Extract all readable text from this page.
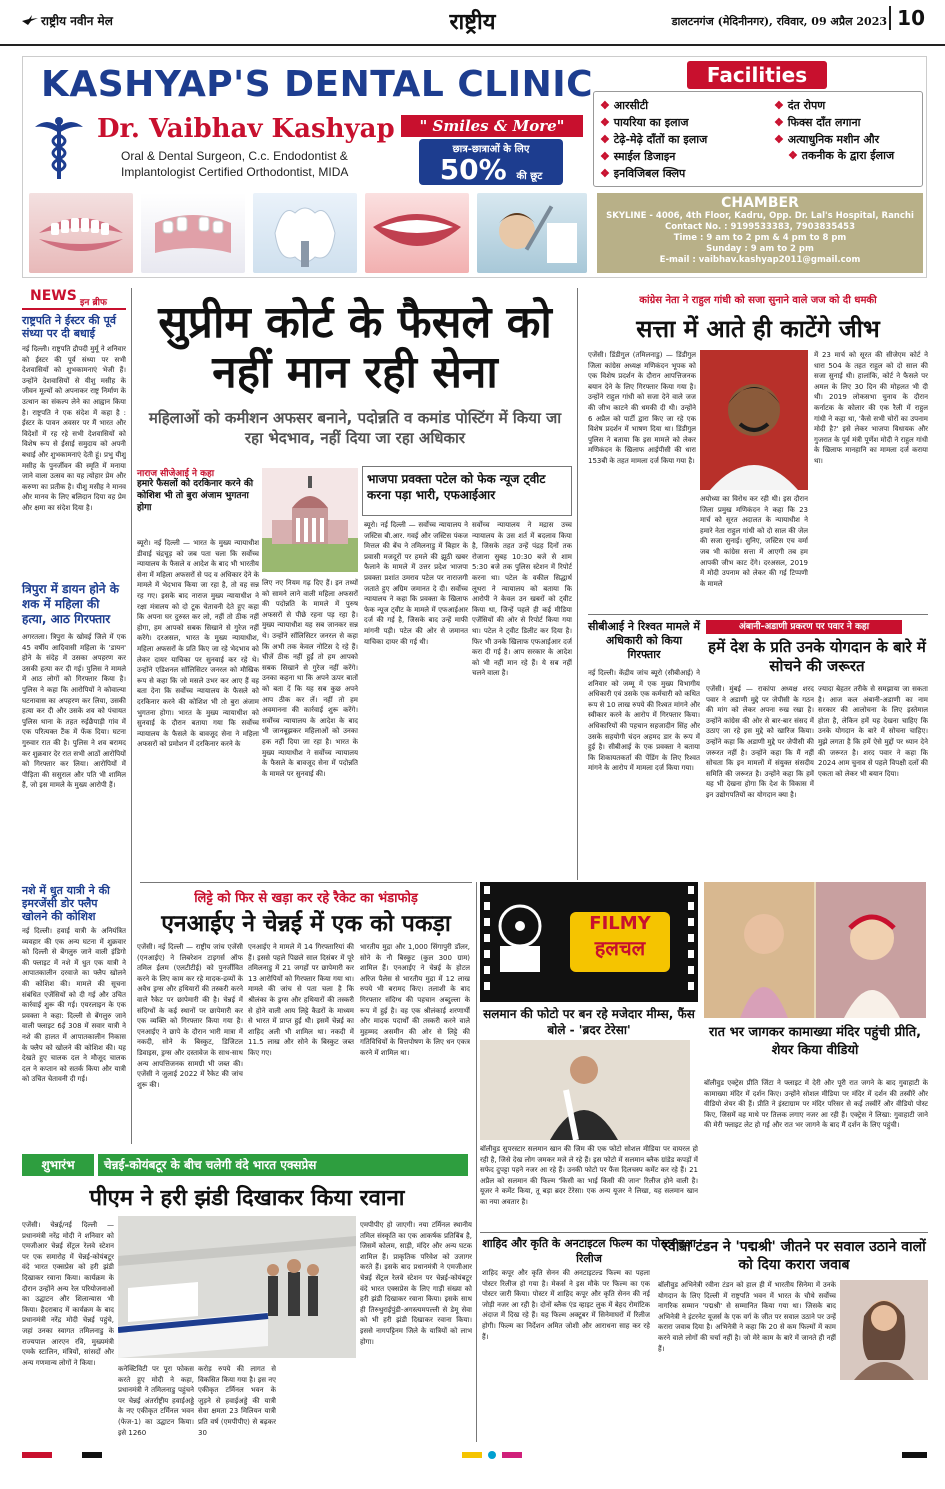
राष्ट्रीय नवीन मेल	राष्ट्रीय	डालटनगंज (मेदिनीनगर), रविवार, 09 अप्रैल 2023 10
KASHYAP'S DENTAL CLINIC
Dr. Vaibhav Kashyap
Oral & Dental Surgeon, C.c. Endodontist &
Implantologist Certified Orthodontist, MIDA
" Smiles & More"
छात्र-छात्राओं के लिए
50% की छूट
Facilities
❖ आरसीटी
❖ पायरिया का इलाज
❖ टेढ़े-मेढ़े दाँतों का इलाज
❖ स्माईल डिजाइन
❖ इनविजिबल क्लिप
❖ दंत रोपण
❖ फिक्स दाँत लगाना
❖ अत्याधुनिक मशीन और
❖ तकनीक के द्वारा ईलाज
CHAMBER
SKYLINE - 4006, 4th Floor, Kadru, Opp. Dr. Lal's Hospital, Ranchi
Contact No. : 9199533383, 7903835453
Time : 9 am to 2 pm & 4 pm to 8 pm
Sunday : 9 am to 2 pm
E-mail : vaibhav.kashyap2011@gmail.com
NEWS इन ब्रीफ
राष्ट्रपति ने ईस्टर की पूर्व संध्या पर दी बधाई
नई दिल्ली। राष्ट्रपति द्रौपदी मुर्मू ने शनिवार को ईस्टर की पूर्व संध्या पर सभी देशवासियों को शुभकामनाएं भेजी हैं। उन्होंने देशवासियों से यीशु मसीह के जीवन मूल्यों को अपनाकर राष्ट्र निर्माण के उत्थान का संकल्प लेने का आह्वान किया है। राष्ट्रपति ने एक संदेश में कहा है : ईस्टर के पावन अवसर पर मैं भारत और विदेशों में रह रहे सभी देशवासियों को विशेष रूप से ईसाई समुदाय को अपनी बधाई और शुभकामनाएं देती हूं। प्रभु यीशु मसीह के पुनर्जीवन की स्मृति में मनाया जाने वाला उत्सव का यह त्योहार प्रेम और करुणा का प्रतीक है। यीशु मसीह ने मानव और मानव के लिए बलिदान दिया वह प्रेम और क्षमा का संदेश दिया है।
त्रिपुरा में डायन होने के शक में महिला की हत्या, आठ गिरफ्तार
अगरतला। त्रिपुरा के खोवई जिले में एक 45 वर्षीय आदिवासी महिला के 'डायन' होने के संदेह में उसका अपहरण कर उसकी हत्या कर दी गई। पुलिस ने मामले में आठ लोगों को गिरफ्तार किया है। पुलिस ने कहा कि आरोपियों ने कोवाल्या घटनावास का अपहरण कर लिया, उसकी हत्या कर दी और उसके शव को पंचायत पुलिस थाना के तहत रुईछैपाड़ी गांव में एक परित्यक्त टैंक में फेंक दिया। घटना गुरुवार रात की है। पुलिस ने शव बरामद कर शुक्रवार देर रात सभी आठों आरोपियों को गिरफ्तार कर लिया। आरोपियों में पीड़िता की ससुराल और पति भी शामिल हैं, जो इस मामले के मुख्य आरोपी हैं।
नशे में धुत यात्री ने की इमरजेंसी डोर फ्लैप खोलने की कोशिश
नई दिल्ली। हवाई यात्री के अनियंत्रित व्यवहार की एक अन्य घटना में शुक्रवार को दिल्ली से बेंगलुरु जाने वाली इंडिगो की फ्लाइट में नशे में धुत एक यात्री ने आपातकालीन दरवाजे का फ्लैप खोलने की कोशिश की। मामले की सूचना संबंधित एजेंसियों को दी गई और उचित कार्रवाई शुरू की गई। एयरलाइन के एक प्रवक्ता ने कहा: दिल्ली से बेंगलुरु जाने वाली फ्लाइट 6ई 308 में सवार यात्री ने नशे की हालत में आपातकालीन निकास के फ्लैप को खोलने की कोशिश की। यह देखते हुए चालक दल ने मौजूद चालक दल ने कप्तान को सतर्क किया और यात्री को उचित चेतावनी दी गई।
सुप्रीम कोर्ट के फैसले को नहीं मान रही सेना
महिलाओं को कमीशन अफसर बनाने, पदोन्नति व कमांड पोस्टिंग में किया जा रहा भेदभाव, नहीं दिया जा रहा अधिकार
नाराज सीजेआई ने कहा
हमारे फैसलों को दरकिनार करने की कोशिश भी तो बुरा अंजाम भुगतना होगा
ब्यूरो। नई दिल्ली — भारत के मुख्य न्यायाधीश डीवाई चंद्रचूड़ को जब पता चला कि सर्वोच्च न्यायालय के फैसले व आदेश के बाद भी भारतीय सेना में महिला अफसरों से पद व अधिकार देने के मामले में भेदभाव किया जा रहा है, तो वह सन्न रह गए। इसके बाद नाराज मुख्य न्यायाधीश ने रक्षा मंत्रालय को दो टूक चेतावनी देते हुए कहा कि अपना घर दुरुस्त कर लो, नहीं तो ठीक नहीं होगा, हम आपको सबक सिखाने से गुरेज नहीं करेंगे। दरअसल, भारत के मुख्य न्यायाधीश, महिला अफसरों के प्रति किए जा रहे भेदभाव को लेकर दायर याचिका पर सुनवाई कर रहे थे। उन्होंने एडिशनल सॉलिसिटर जनरल को मौखिक रूप से कहा कि जो मसले उभर कर आए हैं वह बता देना कि सर्वोच्च न्यायालय के फैसले को दरकिनार करने की कोशिश भी तो बुरा अंजाम भुगतना होगा। भारत के मुख्य न्यायाधीश को सुनवाई के दौरान बताया गया कि सर्वोच्च न्यायालय के फैसले के बावजूद सेना ने महिला अफसरों को प्रमोशन में दरकिनार करने के
लिए नए नियम गढ़ दिए हैं। इन तथ्यों को सामने लाने वाली महिला अफसरों की पदोन्नति के मामले में पुरुष अफसरों से पीछे रहना पड़ रहा है। मुख्य न्यायाधीश यह सब जानकर सन्न थे। उन्होंने सॉलिसिटर जनरल से कहा कि अभी तक केवल नोटिस दे रहे हैं। चीजें ठीक नहीं हुईं तो हम आपको सबक सिखाने से गुरेज नहीं करेंगे। उनका कहना था कि अपने ऊपर बातों को बता दें कि यह सब कुछ अपने आप ठीक कर लें। नहीं तो हम अवमानना की कार्रवाई शुरू करेंगे। सर्वोच्च न्यायालय के आदेश के बाद भी जानबूझकर महिलाओं को उनका हक नहीं दिया जा रहा है। भारत के मुख्य न्यायाधीश ने सर्वोच्च न्यायालय के फैसले के बावजूद सेना में पदोन्नति के मामले पर सुनवाई की।
भाजपा प्रवक्ता पटेल को फेक न्यूज ट्वीट करना पड़ा भारी, एफआईआर
ब्यूरो। नई दिल्ली — सर्वोच्च न्यायालय ने जस्टिस बी.आर. गवई और जस्टिस पंकज मित्तल की बेंच ने तमिलनाडु में बिहार के प्रवासी मजदूरों पर हमले की झूठी खबर फैलाने के मामले में उत्तर प्रदेश भाजपा प्रवक्ता प्रशांत उमराव पटेल पर नाराजगी जताते हुए अग्रिम जमानत दे दी। सर्वोच्च न्यायालय ने कहा कि प्रवक्ता के खिलाफ फेक न्यूज ट्वीट के मामले में एफआईआर दर्ज की गई है, जिसके बाद उन्हें माफी मांगनी पड़ी। पटेल की ओर से जमानत याचिका दायर की गई थी।
सर्वोच्च न्यायालय ने मद्रास उच्च न्यायालय के उस शर्त में बदलाव किया है, जिसके तहत उन्हें पंद्रह दिनों तक रोजाना सुबह 10:30 बजे से शाम 5:30 बजे तक पुलिस स्टेशन में रिपोर्ट करना था। पटेल के वकील सिद्धार्थ लूथरा ने न्यायालय को बताया कि आरोपी ने केवल उन खबरों को ट्वीट किया था, जिन्हें पहले ही कई मीडिया एजेंसियों की ओर से रिपोर्ट किया गया था। पटेल ने ट्वीट डिलीट कर दिया है। फिर भी उनके खिलाफ एफआईआर दर्ज करा दी गई है। आप सरकार के आदेश को भी नहीं मान रहे हैं। ये सब नहीं चलने वाला है।
कांग्रेस नेता ने राहुल गांधी को सजा सुनाने वाले जज को दी धमकी
सत्ता में आते ही काटेंगे जीभ
एजेंसी। डिंडीगुल (तमिलनाडु) — डिंडीगुल जिला कांग्रेस अध्यक्ष मणिकंदन भूपक को एक विशेष प्रदर्शन के दौरान आपत्तिजनक बयान देने के लिए गिरफ्तार किया गया है। उन्होंने राहुल गांधी को सजा देने वाले जज की जीभ काटने की धमकी दी थी। उन्होंने 6 अप्रैल को पार्टी द्वारा किए जा रहे एक विशेष प्रदर्शन में भाषण दिया था। डिंडीगुल पुलिस ने बताया कि इस मामले को लेकर मणिकंदन के खिलाफ आईपीसी की धारा 153बी के तहत मामला दर्ज किया गया है।
अयोध्या का विरोध कर रही थी। इस दौरान जिला प्रमुख मणिकंदन ने कहा कि 23 मार्च को सूरत अदालत के न्यायाधीश ने हमारे नेता राहुल गांधी को दो साल की जेल की सजा सुनाई। सुनिए, जस्टिस एच वर्मा जब भी कांग्रेस सत्ता में आएगी तब हम आपकी जीभ काट देंगे। दरअसल, 2019 में मोदी उपनाम को लेकर की गई टिप्पणी के मामले
में 23 मार्च को सूरत की सीजेएम कोर्ट ने धारा 504 के तहत राहुल को दो साल की सजा सुनाई थी। हालांकि, कोर्ट ने फैसले पर अमल के लिए 30 दिन की मोहलत भी दी थी। 2019 लोकसभा चुनाव के दौरान कर्नाटक के कोलार की एक रैली में राहुल गांधी ने कहा था, 'कैसे सभी चोरों का उपनाम मोदी है?' इसे लेकर भाजपा विधायक और गुजरात के पूर्व मंत्री पूर्णेश मोदी ने राहुल गांधी के खिलाफ मानहानि का मामला दर्ज कराया था।
सीबीआई ने रिश्वत मामले में अधिकारी को किया गिरफ्तार
नई दिल्ली। केंद्रीय जांच ब्यूरो (सीबीआई) ने शनिवार को जम्मू में एक मुख्य विभागीय अधिकारी एवं उसके एक कर्मचारी को कथित रूप से 10 लाख रुपये की रिश्वत मांगने और स्वीकार करने के आरोप में गिरफ्तार किया। अधिकारियों की पहचान सहजादीन सिंह और उसके सहयोगी चंदन अहमद डार के रूप में हुई है। सीबीआई के एक प्रवक्ता ने बताया कि शिकायतकर्ता की पेंडिंग के लिए रिश्वत मांगने के आरोप में मामला दर्ज किया गया।
अंबानी-अडाणी प्रकरण पर पवार ने कहा
हमें देश के प्रति उनके योगदान के बारे में सोचने की जरूरत
एजेंसी। मुंबई — राकांपा अध्यक्ष शरद पवार ने अडाणी मुद्दे पर जेपीसी के गठन की मांग को लेकर अपना रुख रखा है। उन्होंने कांग्रेस की ओर से बार-बार संसद में उठाए जा रहे इस मुद्दे को खारिज किया। उन्होंने कहा कि अडाणी मुद्दे पर जेपीसी की जरूरत नहीं है। उन्होंने कहा कि मैं नहीं सोचता कि इन मामलों में संयुक्त संसदीय समिति की जरूरत है। उन्होंने कहा कि हमें यह भी देखना होगा कि देश के विकास में इन उद्योगपतियों का योगदान क्या है।
ज्यादा बेहतर तरीके से समझाया जा सकता है। आज कल अंबानी-अडाणी का नाम सरकार की आलोचना के लिए इस्तेमाल होता है, लेकिन हमें यह देखना चाहिए कि उनके योगदान के बारे में सोचना चाहिए। मुझे लगता है कि हमें ऐसे मुद्दों पर ध्यान देने की जरूरत है। शरद पवार ने कहा कि 2024 आम चुनाव से पहले विपक्षी दलों की एकता को लेकर भी बयान दिया।
लिट्टे को फिर से खड़ा कर रहे रैकेट का भंडाफोड़
एनआईए ने चेन्नई में एक को पकड़ा
एजेंसी। नई दिल्ली — राष्ट्रीय जांच एजेंसी (एनआईए) ने लिबरेशन टाइगर्स ऑफ तमिल ईलम (एलटीटीई) को पुनर्जीवित करने के लिए काम कर रहे मादक-द्रव्यों के अवैध ड्रग्स और हथियारों की तस्करी करने वाले रैकेट पर छापेमारी की है। चेन्नई में संदिग्धों के कई स्थानों पर छापेमारी कर एक व्यक्ति को गिरफ्तार किया गया है। एनआईए ने छापे के दौरान भारी मात्रा में नकदी, सोने के बिस्कुट, डिजिटल डिवाइस, ड्रग्स और दस्तावेज के साथ-साथ अन्य आपत्तिजनक सामग्री भी जब्त की। एजेंसी ने जुलाई 2022 में रैकेट की जांच शुरू की।
एनआईए ने मामले में 14 गिरफ्तारियां की हैं। इससे पहले पिछले साल दिसंबर में पूरे तमिलनाडु में 21 जगहों पर छापेमारी कर 13 आरोपियों को गिरफ्तार किया गया था। मामले की जांच से पता चला है कि श्रीलंका के ड्रग्स और हथियारों की तस्करी से होने वाली आय लिट्टे कैडरों के माध्यम से भारत में प्राप्त हुई थी। इसमें चेन्नई का शाहिद अली भी शामिल था। नकदी में 11.5 लाख और सोने के बिस्कुट जब्त किए गए।
भारतीय मुद्रा और 1,000 सिंगापुरी डॉलर, सोने के नौ बिस्कुट (कुल 300 ग्राम) शामिल हैं। एनआईए ने चेन्नई के होटल अरिज पैलेस से भारतीय मुद्रा में 12 लाख रुपये भी बरामद किए। तलाशी के बाद गिरफ्तार संदिग्ध की पहचान अब्दुल्ला के रूप में हुई है। वह एक श्रीलंकाई शरणार्थी और मादक पदार्थों की तस्करी करने वाले मुहम्मद असमीन की ओर से लिट्टे की गतिविधियों के वित्तपोषण के लिए धन एकत्र करने में शामिल था।
FILMY
हलचल
सलमान की फोटो पर बन रहे मजेदार मीम्स, फैंस बोले - 'ब्रदर टेरेसा'
बॉलीवुड सुपरस्टार सलमान खान की जिम की एक फोटो सोशल मीडिया पर वायरल हो रही है, जिसे देख लोग जमकर मजे ले रहे हैं। इस फोटो में सलमान ब्लैक ग्रांडेड कपड़ों में सफेद दुपट्टा पहने नजर आ रहे हैं। उनकी फोटो पर फैंस दिलचस्प कमेंट कर रहे हैं। 21 अप्रैल को सलमान की फिल्म 'किसी का भाई किसी की जान' रिलीज होने वाली है। यूजर ने कमेंट किया, तू बड़ा ब्रदर टेरेसा। एक अन्य यूजर ने लिखा, यह सलमान खान का नया अवतार है।
रात भर जागकर कामाख्या मंदिर पहुंची प्रीति, शेयर किया वीडियो
बॉलीवुड एक्ट्रेस प्रीति जिंटा ने फ्लाइट में देरी और पूरी रात जगने के बाद गुवाहाटी के कामाख्या मंदिर में दर्शन किए। उन्होंने सोशल मीडिया पर मंदिर में दर्शन की तस्वीरें और वीडियो शेयर की हैं। प्रीति ने इंस्टाग्राम पर मंदिर परिसर से कई तस्वीरें और वीडियो पोस्ट किए, जिसमें वह माथे पर तिलक लगाए नजर आ रही हैं। एक्ट्रेस ने लिखा: गुवाहाटी जाने की मेरी फ्लाइट लेट हो गई और रात भर जागने के बाद मैं दर्शन के लिए पहुंची।
शाहिद और कृति के अनटाइटल फिल्म का पोस्टर हुआ रिलीज
शाहिद कपूर और कृति सेनन की अनटाइटल्ड फिल्म का पहला पोस्टर रिलीज हो गया है। मेकर्स ने इस मौके पर फिल्म का एक पोस्टर जारी किया। पोस्टर में शाहिद कपूर और कृति सेनन की नई जोड़ी नजर आ रही है। दोनों ब्लैक एंड व्हाइट लुक में बेहद रोमांटिक अंदाज में दिख रहे हैं। यह फिल्म अक्टूबर में सिनेमाघरों में रिलीज होगी। फिल्म का निर्देशन अमित जोशी और आराधना साह कर रहे हैं।
रवीना टंडन ने 'पद्मश्री' जीतने पर सवाल उठाने वालों को दिया करारा जवाब
बॉलीवुड अभिनेत्री रवीना टंडन को हाल ही में भारतीय सिनेमा में उनके योगदान के लिए दिल्ली में राष्ट्रपति भवन में भारत के चौथे सर्वोच्च नागरिक सम्मान 'पद्मश्री' से सम्मानित किया गया था। जिसके बाद अभिनेत्री ने इंटरनेट यूजर्स के एक वर्ग के जीत पर सवाल उठाने पर उन्हें करारा जवाब दिया है। अभिनेत्री ने कहा कि 20 से कम फिल्मों में काम करने वाले लोगों की चर्चा नहीं है। जो मेरे काम के बारे में जानते ही नहीं हैं।
शुभारंभ	चेन्नई-कोयंबटूर के बीच चलेगी वंदे भारत एक्सप्रेस
पीएम ने हरी झंडी दिखाकर किया रवाना
एजेंसी। चेन्नई/नई दिल्ली — प्रधानमंत्री नरेंद्र मोदी ने शनिवार को एमजीआर चेन्नई सेंट्रल रेलवे स्टेशन पर एक समारोह में चेन्नई-कोयंबटूर वंदे भारत एक्सप्रेस को हरी झंडी दिखाकर रवाना किया। कार्यक्रम के दौरान उन्होंने अन्य रेल परियोजनाओं का उद्घाटन और शिलान्यास भी किया। हैदराबाद में कार्यक्रम के बाद प्रधानमंत्री नरेंद्र मोदी चेन्नई पहुंचे, जहां उनका स्वागत तमिलनाडु के राज्यपाल आरएन रवि, मुख्यमंत्री एमके स्टालिन, मंत्रियों, सांसदों और अन्य गणमान्य लोगों ने किया।
कनेक्टिविटी पर पूरा फोकस करते हुए मोदी ने कहा, प्रधानमंत्री ने तमिलनाडु पहुंचने पर चेन्नई अंतर्राष्ट्रीय हवाईअड्डे के नए एकीकृत टर्मिनल भवन (फेज-1) का उद्घाटन किया। इसे 1260
करोड़ रुपये की लागत से विकसित किया गया है। इस नए एकीकृत टर्मिनल भवन के जुड़ने से हवाईअड्डे की यात्री सेवा क्षमता 23 मिलियन यात्री प्रति वर्ष (एमपीपीए) से बढ़कर 30
एमपीपीए हो जाएगी। नया टर्मिनल स्थानीय तमिल संस्कृति का एक आकर्षक प्रतिबिंब है, जिसमें कोलम, साड़ी, मंदिर और अन्य घटक शामिल हैं। प्राकृतिक परिवेश को उजागर करते हैं। इसके बाद प्रधानमंत्री ने एमजीआर चेन्नई सेंट्रल रेलवे स्टेशन पर चेन्नई-कोयंबटूर वंदे भारत एक्सप्रेस के लिए गाड़ी संख्या को हरी झंडी दिखाकर रवाना किया। इसके साथ ही तिरुथुराईपुंडी-अगस्त्यमपल्ली से डेमू सेवा को भी हरी झंडी दिखाकर रवाना किया। इससे नागपट्टिनम जिले के यात्रियों को लाभ होगा।
